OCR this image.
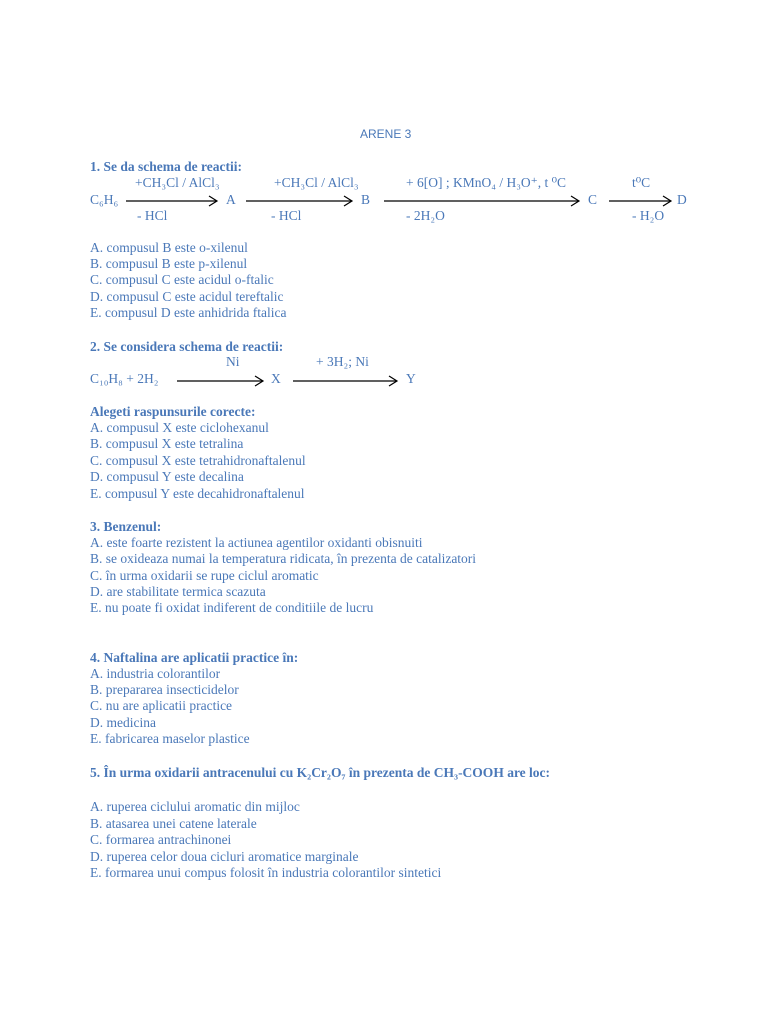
ARENE 3
1. Se da schema de reactii:
+CH₃Cl / AlCl₃	+CH₃Cl / AlCl₃	+ 6[O] ; KMnO₄ / H₃O⁺, t ⁰C	t⁰C
C₆H₆	A	B	C	D
- HCl	- HCl	- 2H₂O	- H₂O
A. compusul B este o-xilenul
B. compusul B este p-xilenul
C. compusul C este acidul o-ftalic
D. compusul C este acidul tereftalic
E. compusul D este anhidrida ftalica
2. Se considera schema de reactii:
Ni	+ 3H₂; Ni
C₁₀H₈ + 2H₂	X	Y
Alegeti raspunsurile corecte:
A. compusul X este ciclohexanul
B. compusul X este tetralina
C. compusul X este tetrahidronaftalenul
D. compusul Y este decalina
E. compusul Y este decahidronaftalenul
3. Benzenul:
A. este foarte rezistent la actiunea agentilor oxidanti obisnuiti
B. se oxideaza numai la temperatura ridicata, în prezenta de catalizatori
C. în urma oxidarii se rupe ciclul aromatic
D. are stabilitate termica scazuta
E. nu poate fi oxidat indiferent de conditiile de lucru
4. Naftalina are aplicatii practice în:
A. industria colorantilor
B. prepararea insecticidelor
C. nu are aplicatii practice
D. medicina
E. fabricarea maselor plastice
5. În urma oxidarii antracenului cu K₂Cr₂O₇ în prezenta de CH₃-COOH are loc:
A. ruperea ciclului aromatic din mijloc
B. atasarea unei catene laterale
C. formarea antrachinonei
D. ruperea celor doua cicluri aromatice marginale
E. formarea unui compus folosit în industria colorantilor sintetici
